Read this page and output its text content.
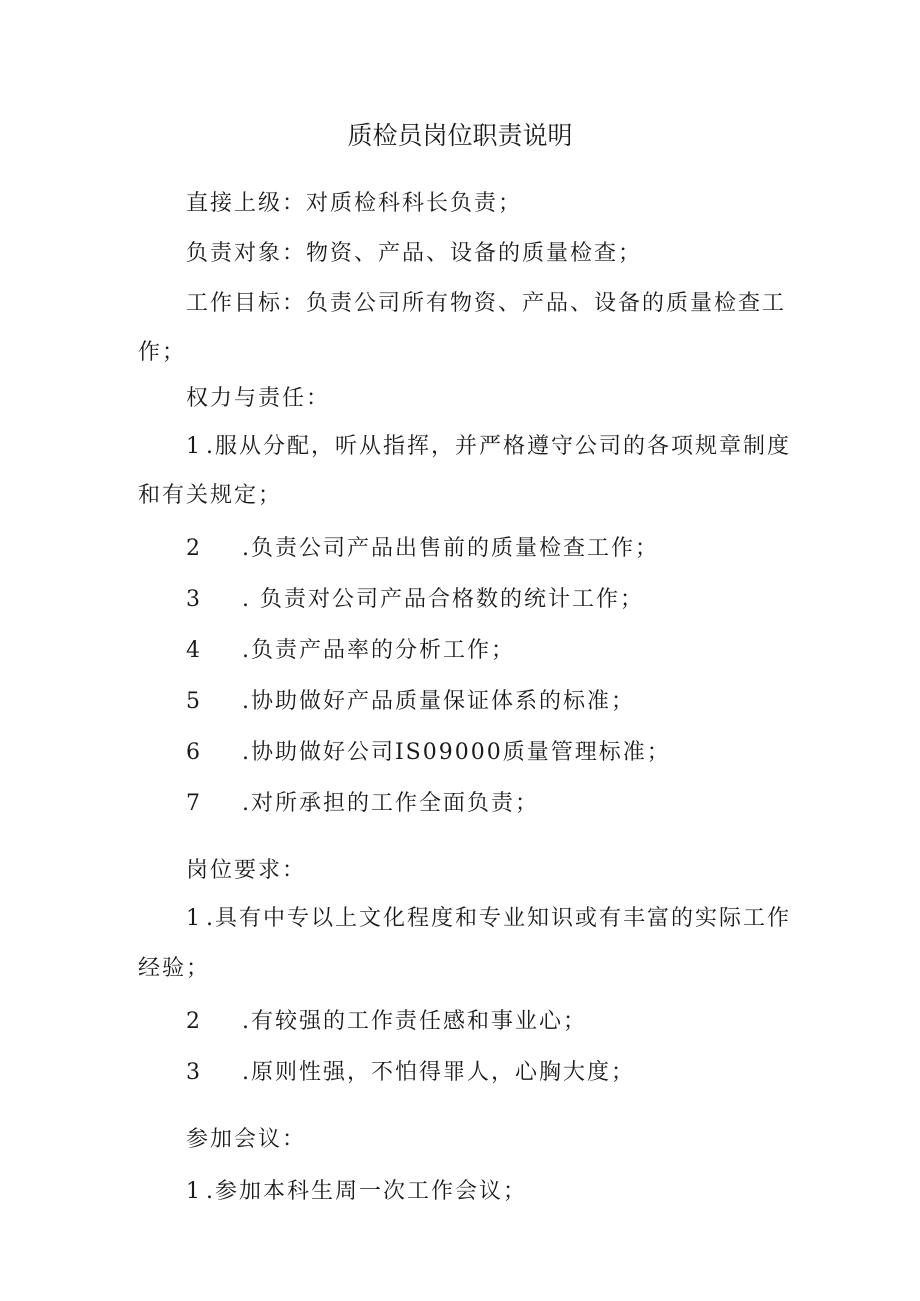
质检员岗位职责说明
直接上级：对质检科科长负责；
负责对象：物资、产品、设备的质量检查；
工作目标：负责公司所有物资、产品、设备的质量检查工
作；
权力与责任：
1 .服从分配，听从指挥，并严格遵守公司的各项规章制度
和有关规定；
2 .负责公司产品出售前的质量检查工作；
3 . 负责对公司产品合格数的统计工作；
4 .负责产品率的分析工作；
5 .协助做好产品质量保证体系的标准；
6 .协助做好公司IS09000质量管理标准；
7 .对所承担的工作全面负责；
岗位要求：
1 .具有中专以上文化程度和专业知识或有丰富的实际工作
经验；
2 .有较强的工作责任感和事业心；
3 .原则性强，不怕得罪人，心胸大度；
参加会议：
1 .参加本科生周一次工作会议；
